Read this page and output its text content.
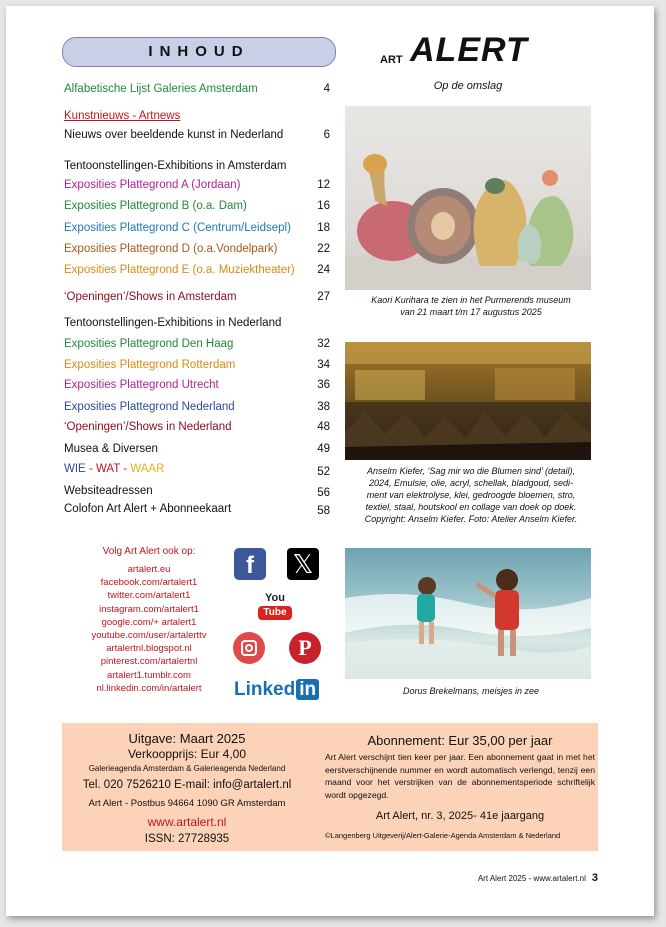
INHOUD
Alfabetische Lijst Galeries Amsterdam	4
Kunstnieuws - Artnews
Nieuws over beeldende kunst in Nederland	6
Tentoonstellingen-Exhibitions in Amsterdam
Exposities Plattegrond A (Jordaan)	12
Exposities Plattegrond B (o.a. Dam)	16
Exposities Plattegrond C (Centrum/Leidsepl)	18
Exposities Plattegrond D (o.a.Vondelpark)	22
Exposities Plattegrond E (o.a. Muziektheater)	24
‘Openingen’/Shows in Amsterdam	27
Tentoonstellingen-Exhibitions in Nederland
Exposities Plattegrond Den Haag	32
Exposities Plattegrond Rotterdam	34
Exposities Plattegrond Utrecht	36
Exposities Plattegrond Nederland	38
‘Openingen’/Shows in Nederland	48
Musea & Diversen	49
WIE - WAT - WAAR	52
Websiteadressen	56
Colofon Art Alert + Abonneekaart	58
ART ALERT
Op de omslag
Kaori Kurihara te zien in het Purmerends museum
van 21 maart t/m 17 augustus 2025
Anselm Kiefer, ‘Sag mir wo die Blumen sind’ (detail),
2024, Emulsie, olie, acryl, schellak, bladgoud, sedi-
ment van elektrolyse, klei, gedroogde bloemen, stro,
textiel, staal, houtskool en collage van doek op doek.
Copyright: Anselm Kiefer. Foto: Atelier Anselm Kiefer.
Dorus Brekelmans, meisjes in zee
Volg Art Alert ook op:
artalert.eu
facebook.com/artalert1
twitter.com/artalert1
instagram.com/artalert1
google.com/+ artalert1
youtube.com/user/artalerttv
artalertnl.blogspot.nl
pinterest.com/artalertnl
artalert1.tumblr.com
nl.linkedin.com/in/artalert
f	𝕏
You
Tube
P
Linked in
Uitgave: Maart 2025
Verkoopprijs: Eur 4,00
Galerieagenda Amsterdam & Galerieagenda Nederland
Tel. 020 7526210 E-mail: info@artalert.nl
Art Alert - Postbus 94664 1090 GR Amsterdam
www.artalert.nl
ISSN: 27728935
Abonnement: Eur 35,00 per jaar
Art Alert verschijnt tien keer per jaar. Een abonnement gaat in met het eerstverschijnende nummer en wordt automatisch verlengd, tenzij een maand voor het verstrijken van de abonnementsperiode schriftelijk wordt opgezegd.
Art Alert, nr. 3, 2025- 41e jaargang
©Langenberg Uitgeverij/Alert-Galerie-Agenda Amsterdam & Nederland
Art Alert 2025 - www.artalert.nl 3
